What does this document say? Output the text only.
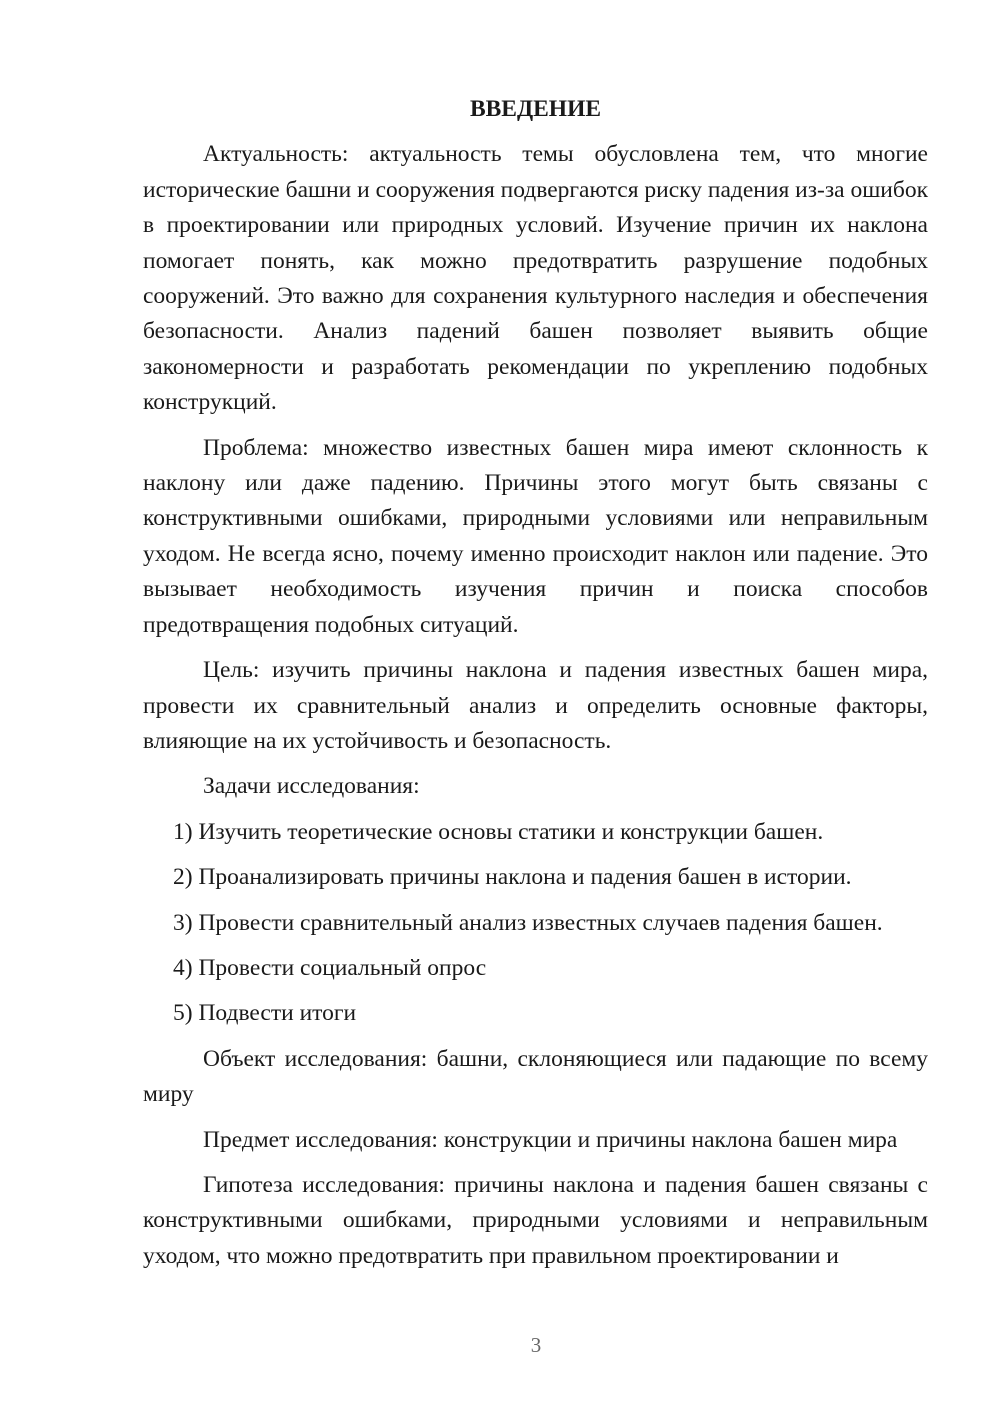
ВВЕДЕНИЕ

Актуальность: актуальность темы обусловлена тем, что многие исторические башни и сооружения подвергаются риску падения из-за ошибок в проектировании или природных условий. Изучение причин их наклона помогает понять, как можно предотвратить разрушение подобных сооружений. Это важно для сохранения культурного наследия и обеспечения безопасности. Анализ падений башен позволяет выявить общие закономерности и разработать рекомендации по укреплению подобных конструкций.

Проблема: множество известных башен мира имеют склонность к наклону или даже падению. Причины этого могут быть связаны с конструктивными ошибками, природными условиями или неправильным уходом. Не всегда ясно, почему именно происходит наклон или падение. Это вызывает необходимость изучения причин и поиска способов предотвращения подобных ситуаций.

Цель: изучить причины наклона и падения известных башен мира, провести их сравнительный анализ и определить основные факторы, влияющие на их устойчивость и безопасность.

Задачи исследования:

1) Изучить теоретические основы статики и конструкции башен.

2) Проанализировать причины наклона и падения башен в истории.

3) Провести сравнительный анализ известных случаев падения башен.

4) Провести социальный опрос

5) Подвести итоги

Объект исследования: башни, склоняющиеся или падающие по всему миру

Предмет исследования: конструкции и причины наклона башен мира

Гипотеза исследования: причины наклона и падения башен связаны с конструктивными ошибками, природными условиями и неправильным уходом, что можно предотвратить при правильном проектировании и

3
